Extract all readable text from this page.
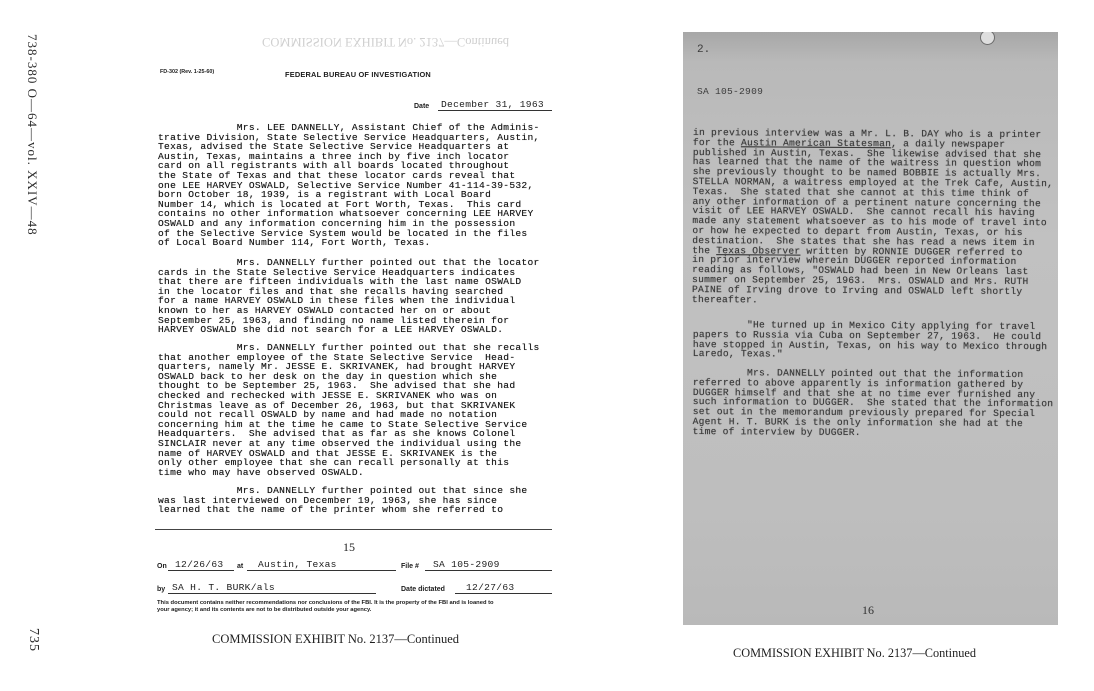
738-380 O—64—vol. XXIV—48
735
COMMISSION EXHIBIT No. 2137—Continued
FD-302 (Rev. 1-25-60)	FEDERAL BUREAU OF INVESTIGATION
Date	December 31, 1963
Mrs. LEE DANNELLY, Assistant Chief of the Adminis-
trative Division, State Selective Service Headquarters, Austin,
Texas, advised the State Selective Service Headquarters at
Austin, Texas, maintains a three inch by five inch locator
card on all registrants with all boards located throughout
the State of Texas and that these locator cards reveal that
one LEE HARVEY OSWALD, Selective Service Number 41-114-39-532,
born October 18, 1939, is a registrant with Local Board
Number 14, which is located at Fort Worth, Texas.  This card
contains no other information whatsoever concerning LEE HARVEY
OSWALD and any information concerning him in the possession
of the Selective Service System would be located in the files
of Local Board Number 114, Fort Worth, Texas.
Mrs. DANNELLY further pointed out that the locator
cards in the State Selective Service Headquarters indicates
that there are fifteen individuals with the last name OSWALD
in the locator files and that she recalls having searched
for a name HARVEY OSWALD in these files when the individual
known to her as HARVEY OSWALD contacted her on or about
September 25, 1963, and finding no name listed therein for
HARVEY OSWALD she did not search for a LEE HARVEY OSWALD.
Mrs. DANNELLY further pointed out that she recalls
that another employee of the State Selective Service  Head-
quarters, namely Mr. JESSE E. SKRIVANEK, had brought HARVEY
OSWALD back to her desk on the day in question which she
thought to be September 25, 1963.  She advised that she had
checked and rechecked with JESSE E. SKRIVANEK who was on
Christmas leave as of December 26, 1963, but that SKRIVANEK
could not recall OSWALD by name and had made no notation
concerning him at the time he came to State Selective Service
Headquarters.  She advised that as far as she knows Colonel
SINCLAIR never at any time observed the individual using the
name of HARVEY OSWALD and that JESSE E. SKRIVANEK is the
only other employee that she can recall personally at this
time who may have observed OSWALD.
Mrs. DANNELLY further pointed out that since she
was last interviewed on December 19, 1963, she has since
learned that the name of the printer whom she referred to
15
On 12/26/63	at	Austin, Texas	File #	SA 105-2909
by SA H. T. BURK/als	Date dictated	12/27/63
This document contains neither recommendations nor conclusions of the FBI. It is the property of the FBI and is loaned to
your agency; it and its contents are not to be distributed outside your agency.
COMMISSION EXHIBIT No. 2137—Continued
2.
SA 105-2909
in previous interview was a Mr. L. B. DAY who is a printer
for the Austin American Statesman, a daily newspaper
published in Austin, Texas.  She likewise advised that she
has learned that the name of the waitress in question whom
she previously thought to be named BOBBIE is actually Mrs.
STELLA NORMAN, a waitress employed at the Trek Cafe, Austin,
Texas.  She stated that she cannot at this time think of
any other information of a pertinent nature concerning the
visit of LEE HARVEY OSWALD.  She cannot recall his having
made any statement whatsoever as to his mode of travel into
or how he expected to depart from Austin, Texas, or his
destination.  She states that she has read a news item in
the Texas Observer written by RONNIE DUGGER referred to
in prior interview wherein DUGGER reported information
reading as follows, "OSWALD had been in New Orleans last
summer on September 25, 1963.  Mrs. OSWALD and Mrs. RUTH
PAINE of Irving drove to Irving and OSWALD left shortly
thereafter.
"He turned up in Mexico City applying for travel
papers to Russia via Cuba on September 27, 1963.  He could
have stopped in Austin, Texas, on his way to Mexico through
Laredo, Texas."
Mrs. DANNELLY pointed out that the information
referred to above apparently is information gathered by
DUGGER himself and that she at no time ever furnished any
such information to DUGGER.  She stated that the information
set out in the memorandum previously prepared for Special
Agent H. T. BURK is the only information she had at the
time of interview by DUGGER.
16
COMMISSION EXHIBIT No. 2137—Continued
